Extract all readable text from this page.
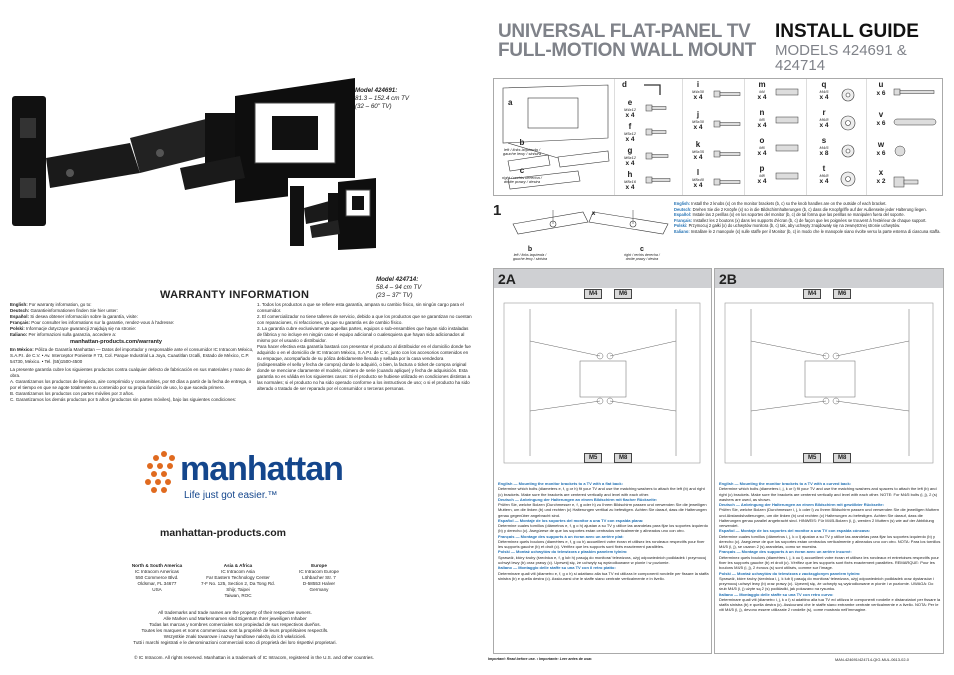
Model 424691:
81.3 – 152.4 cm TV
(32 – 60" TV)
Model 424714:
58.4 – 94 cm TV
(23 – 37" TV)
WARRANTY INFORMATION
English: For warranty information, go to:
Deutsch: Garantieinformationen finden Sie hier unter:
Español: Si desea obtener información sobre la garantía, visite:
Français: Pour consulter les informations sur la garantie, rendez-vous à l'adresse:
Polski: Informacje dotyczące gwarancji znajdują się na stronie:
Italiano: Per informazioni sulla garanzia, accedere a:
manhattan-products.com/warranty
En México: Póliza de Garantía Manhattan — Datos del importador y responsable ante el consumidor IC Intracom México, S.A.P.I. de C.V. • Av. Interceptor Poniente # 73, Col. Parque Industrial La Joya, Cuautitlan Izcalli, Estado de México, C.P. 54730, México. • Tel. (55)1500-4500
La presente garantía cubre los siguientes productos contra cualquier defecto de fabricación en sus materiales y mano de obra.
A. Garantizamos los productos de limpieza, aire comprimido y consumibles, por 60 días a partir de la fecha de entrega, o por el tiempo en que se agote totalmente su contenido por su propia función de uso, lo que suceda primero.
B. Garantizamos los productos con partes móviles por 3 años.
C. Garantizamos los demás productos por 5 años (productos sin partes móviles), bajo las siguientes condiciones:
1. Todos los productos a que se refiere esta garantía, ampara su cambio físico, sin ningún cargo para el consumidor.
2. El comercializador no tiene talleres de servicio, debido a que los productos que se garantizan no cuentan con reparaciones, ni refacciones, ya que su garantía es de cambio físico.
3. La garantía cubre exclusivamente aquellas partes, equipos o sub-ensambles que hayan sido instaladas de fábrica y no incluye en ningún caso el equipo adicional o cualesquiera que hayan sido adicionados al mismo por el usuario o distribuidor.
Para hacer efectiva esta garantía bastará con presentar el producto al distribuidor en el domicilio donde fue adquirido o en el domicilio de IC Intracom México, S.A.P.I. de C.V., junto con los accesorios contenidos en su empaque, acompañado de su póliza debidamente llenada y sellada por la casa vendedora (indispensable el sello y fecha de compra) donde lo adquirió, o bien, la factura o ticket de compra original donde se mencione claramente el modelo, número de serie (cuando aplique) y fecha de adquisición. Esta garantía no es válida en los siguientes casos: Si el producto se hubiese utilizado en condiciones distintas a las normales; si el producto no ha sido operado conforme a los instructivos de uso; o si el producto ha sido alterado o tratado de ser reparado por el consumidor o terceras personas.
manhattan
Life just got easier.™
manhattan-products.com
North & South America
IC Intracom Americas
550 Commerce Blvd.
Oldsmar, FL 34677
USA
Asia & Africa
IC Intracom Asia
Far Eastern Technology Center
7-F No. 125, Section 2, Da Tong Rd.
Shijr, Taipei
Taiwan, ROC
Europe
IC Intracom Europe
Löhbacher Str. 7
D-58553 Halver
Germany
All trademarks and trade names are the property of their respective owners.
Alle Marken und Markennamen sind Eigentum Ihrer jeweiligen Inhaber
Todas las marcas y nombres comerciales son propiedad de sus respectivos dueños.
Toutes les marques et noms commerciaux sont la propriété de leurs propriétaires respectifs.
Wszystkie znaki towarowe i nazwy handlowe należą do ich właścicieli.
Tutti i marchi registrati e le denominazioni commerciali sono di proprietà dei loro rispettivi proprietari.
© IC Intracom. All rights reserved. Manhattan is a trademark of IC Intracom, registered in the U.S. and other countries.
UNIVERSAL FLAT-PANEL TV
FULL-MOTION WALL MOUNT
INSTALL GUIDE
MODELS 424691 & 424714
a
b
left / links izquierda / gauche lewy / sinistra
c
right / rechts derecha / droite prawy / destra
d
e
M4x12
x 4
f
M5x12
x 4
g
M6x12
x 4
h
M8x16
x 4
i
M4x30
x 4
j
M5x30
x 4
k
M6x35
x 4
l
M8x40
x 4
m
M4
x 4
n
M5
x 4
o
M6
x 4
p
M8
x 4
q
M4/5
x 4
r
M6/8
x 4
s
M4/5
x 8
t
M6/8
x 4
u
x 6
v
x 6
w
x 6
x
x 2
1	x
b
left / links izquierda / gauche lewy / sinistra
c
right / rechts derecha / droite prawy / destra
English: Install the 2 knobs (x) on the monitor brackets (b, c) so the knob handles are on the outside of each bracket.
Deutsch: Drehen Sie die 2 Knöpfe (x) so in die Bildschirmhalterungen (b, c) dass die Knopfgriffe auf der Außenseite jeder Halterung liegen.
Español: Instale las 2 perillas (x) en los soportes del monitor (b, c) de tal forma que las perillas se manipulen fuera del soporte.
Français: Installez les 2 boutons (x) dans les supports d'écran (b, c) de façon que les poignées se trouvent à l'extérieur de chaque support.
Polski: Przymocuj 2 gałki (x) do uchwytów monitora (b, c) tak, aby uchwyty znajdowały się na zewnętrznej stronie uchwytów.
Italiano: Installare le 2 manopole (x) sulle staffe per il Monitor (b, c) in modo che le manopole siano rivolte verso la parte esterna di ciascuna staffa.
2A
M4	M6
M5	M8
English — Mounting the monitor brackets to a TV with a flat back:
Determine which bolts (diameters e, f, g or h) fit your TV and use the matching washers to attach the left (b) and right (c) brackets. Make sure the brackets are centered vertically and level with each other.
Deutsch — Anbringung der Halterungen an einem Bildschirm mit flacher Rückseite:
Prüfen Sie, welche Bolzen (Durchmesser e, f, g oder h) zu Ihrem Bildschirm passen und verwenden Sie die jeweiligen Muttern, um die linken (b) und rechten (c) Halterungen vertikal zu befestigen. Achten Sie darauf, dass die Halterungen genau gegenüber angebracht sind.
Español — Montaje de los soportes del monitor a una TV con espalda plana:
Determine cuales tornillos (diámetros e, f, g o h) ajustan a su TV y utilice las arandelas para fijar los soportes izquierdo (b) y derecho (c). Asegúrese de que los soportes estan centrados verticalmente y alineados uno con otro.
Français — Montage des supports à un écran avec un arrière plat:
Déterminez quels boulons (diamètres e, f, g ou h) accueillent votre écran et utilisez les rondeaux respectifs pour fixer les supports gauche (b) et droit (c). Vérifiez que les supports sont fixés exactement parallèles.
Polski — Montaż uchwytów do telewizora z płaskim panelem tylnim:
Sprawdź, który śruby (średnica e, f, g lub h) pasują do monitora/ telewizora, użyj odpowiednich podkładek i przymocuj uchwyt lewy (b) oraz prawy (c). Upewnij się, że uchwyty są wyśrodkowane w pionie i w poziomie.
Italiano — Montaggio delle staffe su una TV con il retro piatto:
Determinare quali viti (diametro e, f, g o h) si adattano alla tua TV ed utilizza le componenti rondelle per fissare la staffa sinistra (b) e quella destra (c). Assicurarsi che le staffe siano centrate verticalmente e in livello.
2B
M4	M6
M5	M8
English — Mounting the monitor brackets to a TV with a curved back:
Determine which bolts (diameters i, j, k or l) fit your TV and use the matching washers and spacers to attach the left (b) and right (c) brackets. Make sure the brackets are centered vertically and level with each other. NOTE: For M4/5 bolts (i, j), 2 (s) washers are used, as shown.
Deutsch — Anbringung der Halterungen an einem Bildschirm mit gewölbter Rückseite:
Prüfen Sie, welche Bolzen (Durchmesser i, j, k oder l) zu Ihrem Bildschirm passen und verwenden Sie die jeweiligen Muttern und Abstandshalterungen, um die linken (b) und rechten (c) Halterungen zu befestigen. Achten Sie darauf, dass die Halterungen genau parallel angebracht sind. HINWEIS: Für M4/5-Bolzen (i, j), werden 2 Muttern (s) wie auf der Abbildung verwendet.
Español — Montaje de los soportes del monitor a una TV con espalda cóncava:
Determine cuales tornillos (diámetros i, j, k o l) ajustan a su TV y utilice las arandelas para fijar los soportes izquierdo (b) y derecho (c). Asegúrese de que los soportes estan centrados verticalmente y alineados uno con otro. NOTA: Para los tornillos M4/5 (i, j), se usaron 2 (s) arandelas, como se muestra.
Français — Montage des supports à un écran avec un arrière incurvé:
Déterminez quels boulons (diamètres i, j, k ou l) accueillent votre écran et utilisez les rondeaux et entretoises respectifs pour fixer les supports gauche (b) et droit (c). Vérifiez que les supports sont fixés exactement parallèles. REMARQUE: Pour les boulons M4/5 (i, j), 2 écrous (s) sont utilisés, comme sur l'image.
Polski — Montaż uchwytów do telewizora z zaokrąglonym panelem tylnim:
Sprawdź, które śruby (średnica i, j, k lub l) pasują do monitora/ telewizora, użyj odpowiednich podkładek oraz dystansów i przymocuj uchwyt lewy (b) oraz prawy (c). Upewnij się, że uchwyty są wyśrodkowane w pionie i w poziomie. UWAGA: Do śrub M4/5 (i, j) użyte są 2 (s) podkładki, jak pokazano na rysunku.
Italiano — Montaggio delle staffe su una TV con retro curvo:
Determinare quali viti (diametro i, j, k o l) si adattino alla tua TV ed utilizza le componenti rondelle e distanziatori per fissare la staffa sinistra (b) e quella destra (c). Assicurarsi che le staffe siano entrambe centrate verticalmente e a livello. NOTA: Per le viti M4/5 (i, j), devono essere utilizzate 2 rondelle (s), come mostrato nell'immagine.
Important: Read before use. • Importante: Leer antes de usar.	MAN-424691/424714-QIG-MUL-0613-02-0
